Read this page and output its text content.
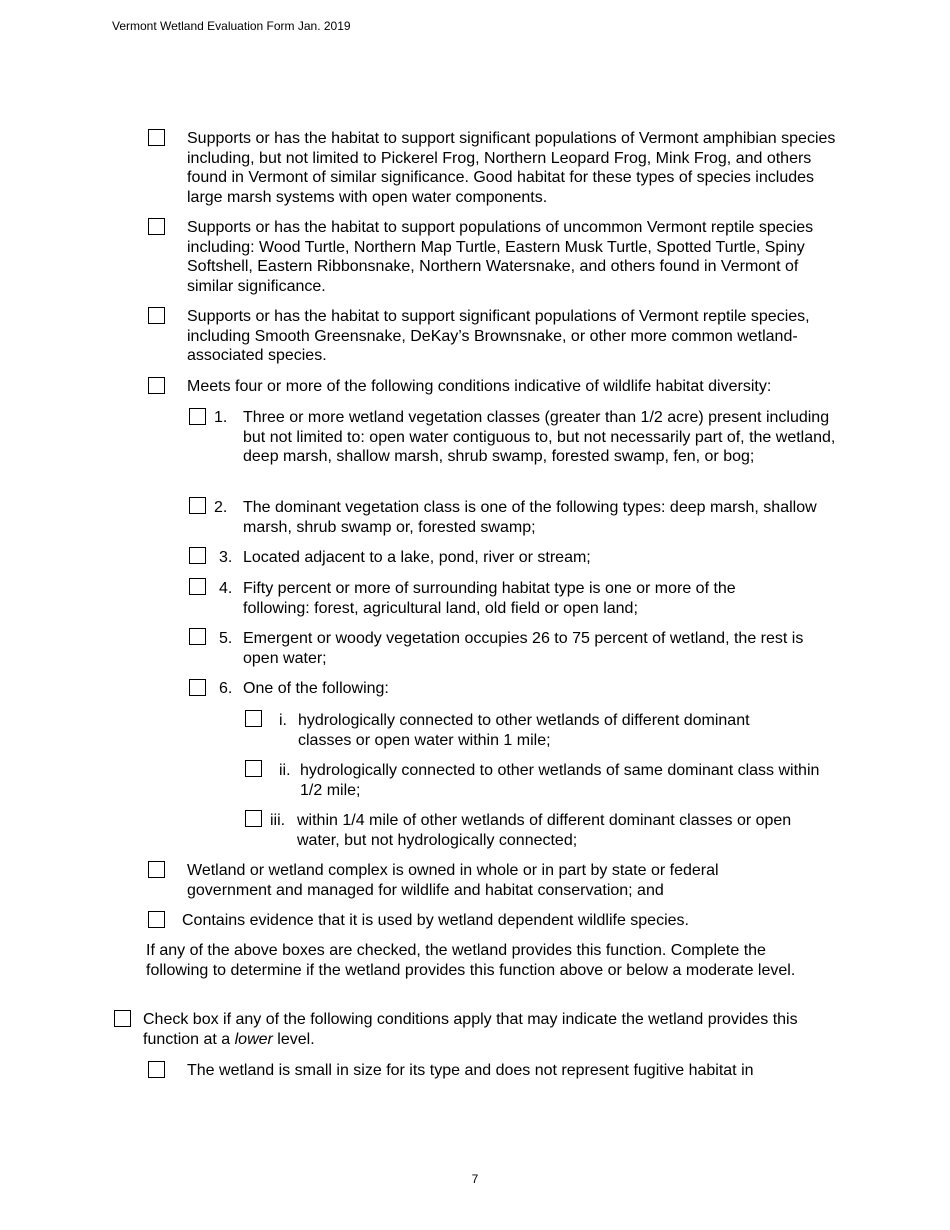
Vermont Wetland Evaluation Form Jan. 2019
Supports or has the habitat to support significant populations of Vermont amphibian species including, but not limited to Pickerel Frog, Northern Leopard Frog, Mink Frog, and others found in Vermont of similar significance. Good habitat for these types of species includes large marsh systems with open water components.
Supports or has the habitat to support populations of uncommon Vermont reptile species including: Wood Turtle, Northern Map Turtle, Eastern Musk Turtle, Spotted Turtle, Spiny Softshell, Eastern Ribbonsnake, Northern Watersnake, and others found in Vermont of similar significance.
Supports or has the habitat to support significant populations of Vermont reptile species, including Smooth Greensnake, DeKay’s Brownsnake, or other more common wetland-associated species.
Meets four or more of the following conditions indicative of wildlife habitat diversity:
1. Three or more wetland vegetation classes (greater than 1/2 acre) present including but not limited to: open water contiguous to, but not necessarily part of, the wetland, deep marsh, shallow marsh, shrub swamp, forested swamp, fen, or bog;
2. The dominant vegetation class is one of the following types: deep marsh, shallow marsh, shrub swamp or, forested swamp;
3. Located adjacent to a lake, pond, river or stream;
4. Fifty percent or more of surrounding habitat type is one or more of the following: forest, agricultural land, old field or open land;
5. Emergent or woody vegetation occupies 26 to 75 percent of wetland, the rest is open water;
6. One of the following:
i. hydrologically connected to other wetlands of different dominant classes or open water within 1 mile;
ii. hydrologically connected to other wetlands of same dominant class within 1/2 mile;
iii. within 1/4 mile of other wetlands of different dominant classes or open water, but not hydrologically connected;
Wetland or wetland complex is owned in whole or in part by state or federal government and managed for wildlife and habitat conservation; and
Contains evidence that it is used by wetland dependent wildlife species.
If any of the above boxes are checked, the wetland provides this function. Complete the following to determine if the wetland provides this function above or below a moderate level.
Check box if any of the following conditions apply that may indicate the wetland provides this function at a lower level.
The wetland is small in size for its type and does not represent fugitive habitat in
7
